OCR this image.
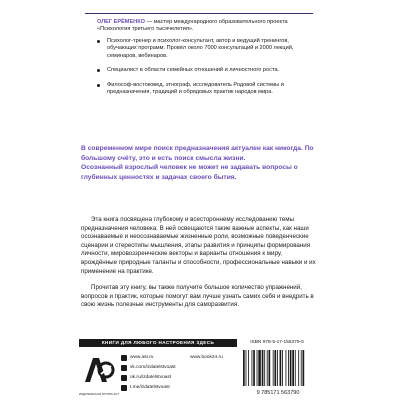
ОЛЕГ ЕРЁМЕНКО — мастер международного образовательного проекта «Психология третьего тысячелетия».
Психолог-тренер и психолог-консультант, автор и ведущий тренингов, обучающих программ. Провёл около 7000 консультаций и 2000 лекций, семинаров, вебинаров.
Специалист в области семейных отношений и личностного роста.
Философ-востоковед, этнограф, исследователь Родовой системы и предназначения, традиций и обрядовых практик народов мира.

В современном мире поиск предназначения актуален как никогда. По большому счёту, это и есть поиск смысла жизни.

Осознанный взрослый человек не может не задавать вопросы о глубинных ценностях и задачах своего бытия.

Эта книга посвящена глубокому и всестороннему исследованию темы предназначения человека. В ней освещаются такие важные аспекты, как наши осознаваемые и неосознаваемые жизненные роли, возможные поведенческие сценарии и стереотипы мышления, этапы развития и принципы формирования личности, мировоззренческие векторы и варианты отношения к миру, врождённые природные таланты и способности, профессиональные навыки и их применение на практике.

Прочитав эту книгу, вы также получите большое количество упражнений, вопросов и практик, которые помогут вам лучше узнать самих себя и внедрить в свою жизнь полезные инструменты для саморазвития.

КНИГИ ДЛЯ ЛЮБОГО НАСТРОЕНИЯ ЗДЕСЬ	ISBN 978-5-17-156379-0
ИЗДАТЕЛЬСКАЯ ГРУППА АСТ
www.ast.ru	www.book24.ru
vk.com/izdatelstvoast
ok.ru/izdatelstvoast
t.me/izdatelstvoast
9 785171 563790
